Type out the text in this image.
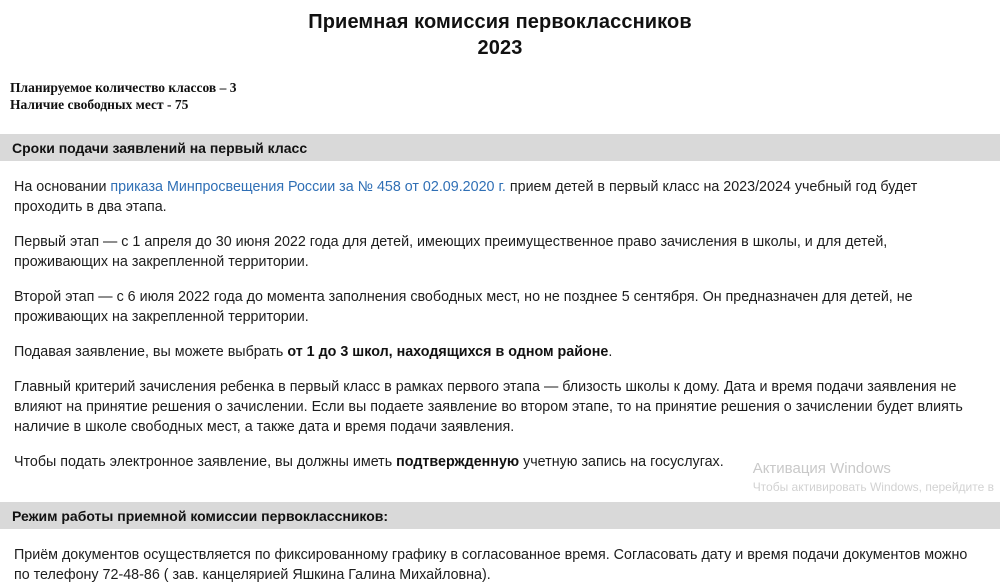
Приемная комиссия первоклассников
2023
Планируемое количество классов – 3
Наличие свободных мест - 75
Сроки подачи заявлений на первый класс

На основании приказа Минпросвещения России за № 458 от 02.09.2020 г. прием детей в первый класс на 2023/2024 учебный год будет проходить в два этапа.

Первый этап — с 1 апреля до 30 июня 2022 года для детей, имеющих преимущественное право зачисления в школы, и для детей, проживающих на закрепленной территории.

Второй этап — с 6 июля 2022 года до момента заполнения свободных мест, но не позднее 5 сентября. Он предназначен для детей, не проживающих на закрепленной территории.

Подавая заявление, вы можете выбрать от 1 до 3 школ, находящихся в одном районе.

Главный критерий зачисления ребенка в первый класс в рамках первого этапа — близость школы к дому. Дата и время подачи заявления не влияют на принятие решения о зачислении. Если вы подаете заявление во втором этапе, то на принятие решения о зачислении будет влиять наличие в школе свободных мест, а также дата и время подачи заявления.

Чтобы подать электронное заявление, вы должны иметь подтвержденную учетную запись на госуслугах.

Режим работы приемной комиссии первоклассников:

Приём документов осуществляется по фиксированному графику в согласованное время. Согласовать дату и время подачи документов можно по телефону 72-48-86 ( зав. канцелярией Яшкина Галина Михайловна).

Активация Windows
Чтобы активировать Windows, перейдите в
